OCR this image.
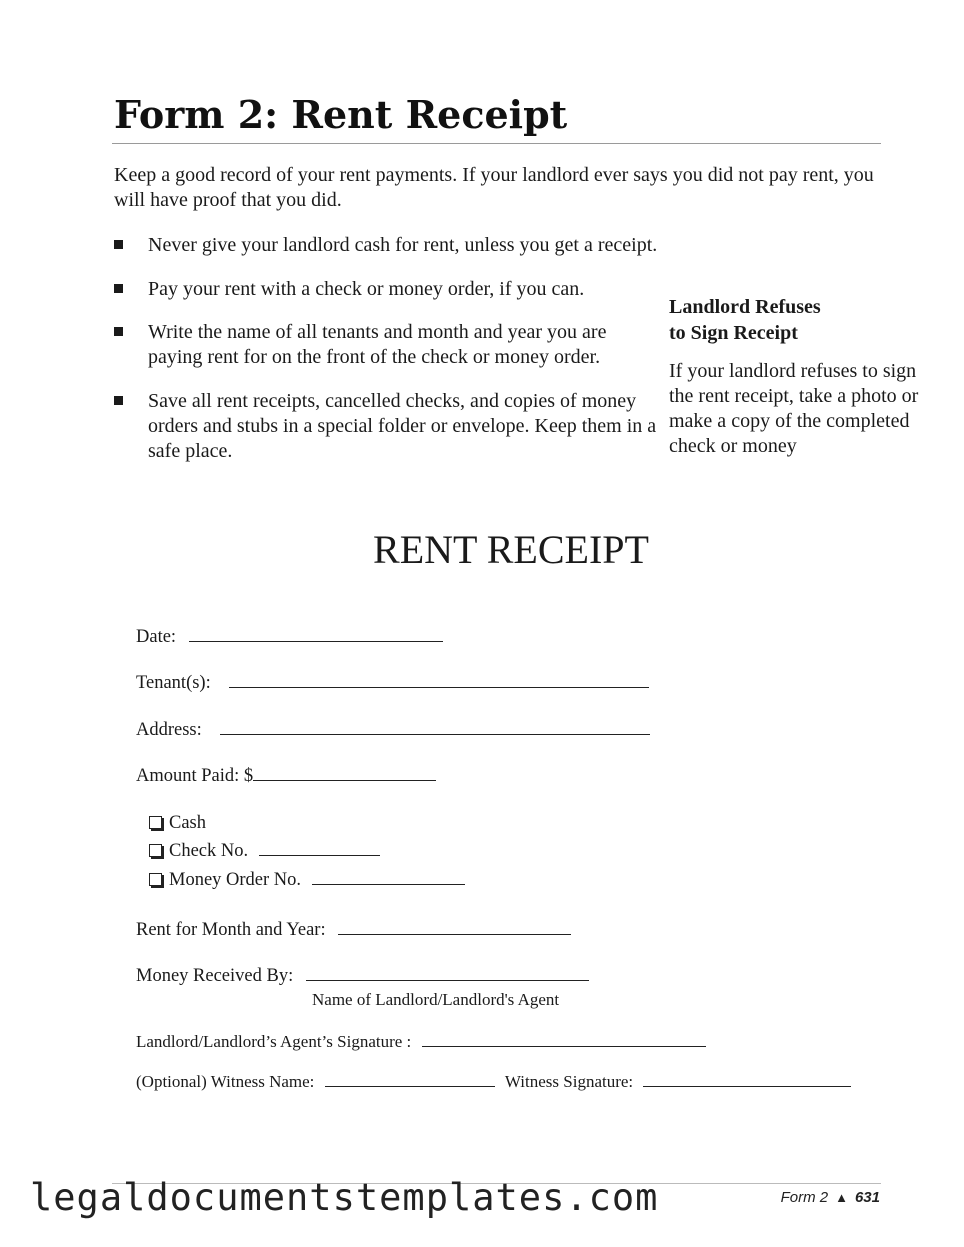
Form 2: Rent Receipt
Keep a good record of your rent payments. If your landlord ever says you did not pay rent, you will have proof that you did.
Never give your landlord cash for rent, unless you get a receipt.
Pay your rent with a check or money order, if you can.
Write the name of all tenants and month and year you are paying rent for on the front of the check or money order.
Save all rent receipts, cancelled checks, and copies of money orders and stubs in a special folder or envelope. Keep them in a safe place.
Landlord Refuses
to Sign Receipt
If your landlord refuses to sign the rent receipt, take a photo or make a copy of the completed check or money
RENT RECEIPT
Date:
Tenant(s):
Address:
Amount Paid: $
Cash
Check No.
Money Order No.
Rent for Month and Year:
Money Received By:
Name of Landlord/Landlord's Agent
Landlord/Landlord’s Agent’s Signature :
(Optional) Witness Name:	Witness Signature:
legaldocumentstemplates.com	Form 2 ▲ 631
